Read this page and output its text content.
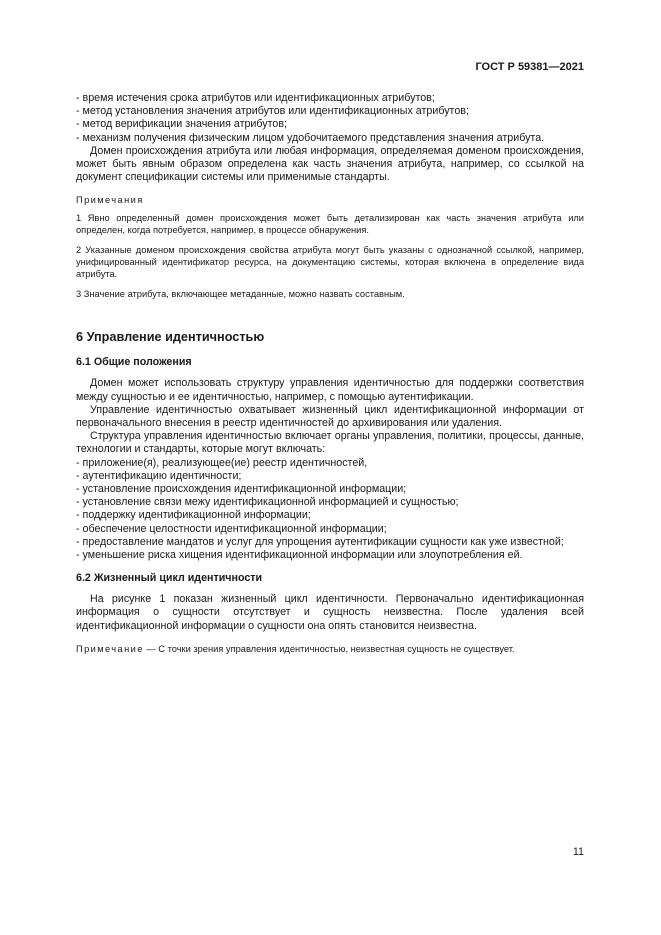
ГОСТ Р 59381—2021
- время истечения срока атрибутов или идентификационных атрибутов;
- метод установления значения атрибутов или идентификационных атрибутов;
- метод верификации значения атрибутов;
- механизм получения физическим лицом удобочитаемого представления значения атрибута.

Домен происхождения атрибута или любая информация, определяемая доменом происхождения, может быть явным образом определена как часть значения атрибута, например, со ссылкой на документ спецификации системы или применимые стандарты.

Примечания

1 Явно определенный домен происхождения может быть детализирован как часть значения атрибута или определен, когда потребуется, например, в процессе обнаружения.

2 Указанные доменом происхождения свойства атрибута могут быть указаны с однозначной ссылкой, например, унифицированный идентификатор ресурса, на документацию системы, которая включена в определение вида атрибута.

3 Значение атрибута, включающее метаданные, можно назвать составным.

6 Управление идентичностью
6.1 Общие положения

Домен может использовать структуру управления идентичностью для поддержки соответствия между сущностью и ее идентичностью, например, с помощью аутентификации.

Управление идентичностью охватывает жизненный цикл идентификационной информации от первоначального внесения в реестр идентичностей до архивирования или удаления.

Структура управления идентичностью включает органы управления, политики, процессы, данные, технологии и стандарты, которые могут включать:

- приложение(я), реализующее(ие) реестр идентичностей,
- аутентификацию идентичности;
- установление происхождения идентификационной информации;
- установление связи межу идентификационной информацией и сущностью;
- поддержку идентификационной информации;
- обеспечение целостности идентификационной информации;
- предоставление мандатов и услуг для упрощения аутентификации сущности как уже известной;
- уменьшение риска хищения идентификационной информации или злоупотребления ей.
6.2 Жизненный цикл идентичности

На рисунке 1 показан жизненный цикл идентичности. Первоначально идентификационная информация о сущности отсутствует и сущность неизвестна. После удаления всей идентификационной информации о сущности она опять становится неизвестна.

Примечание — С точки зрения управления идентичностью, неизвестная сущность не существует.

11
